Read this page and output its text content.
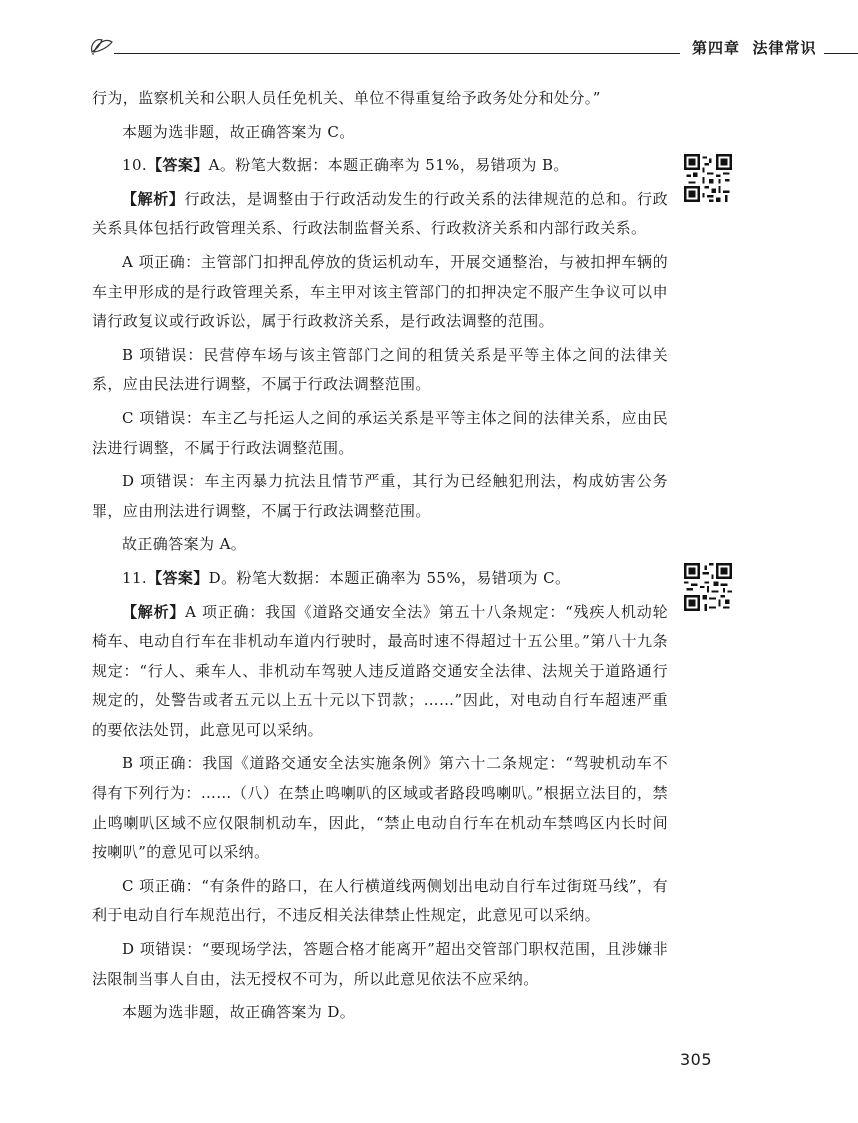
第四章 法律常识

行为，监察机关和公职人员任免机关、单位不得重复给予政务处分和处分。”

本题为选非题，故正确答案为 C。

10.【答案】A。粉笔大数据：本题正确率为 51%，易错项为 B。

【解析】行政法，是调整由于行政活动发生的行政关系的法律规范的总和。行政关系具体包括行政管理关系、行政法制监督关系、行政救济关系和内部行政关系。

A 项正确：主管部门扣押乱停放的货运机动车，开展交通整治，与被扣押车辆的车主甲形成的是行政管理关系，车主甲对该主管部门的扣押决定不服产生争议可以申请行政复议或行政诉讼，属于行政救济关系，是行政法调整的范围。

B 项错误：民营停车场与该主管部门之间的租赁关系是平等主体之间的法律关系，应由民法进行调整，不属于行政法调整范围。

C 项错误：车主乙与托运人之间的承运关系是平等主体之间的法律关系，应由民法进行调整，不属于行政法调整范围。

D 项错误：车主丙暴力抗法且情节严重，其行为已经触犯刑法，构成妨害公务罪，应由刑法进行调整，不属于行政法调整范围。

故正确答案为 A。

11.【答案】D。粉笔大数据：本题正确率为 55%，易错项为 C。

【解析】A 项正确：我国《道路交通安全法》第五十八条规定：“残疾人机动轮椅车、电动自行车在非机动车道内行驶时，最高时速不得超过十五公里。”第八十九条规定：“行人、乘车人、非机动车驾驶人违反道路交通安全法律、法规关于道路通行规定的，处警告或者五元以上五十元以下罚款；……”因此，对电动自行车超速严重的要依法处罚，此意见可以采纳。

B 项正确：我国《道路交通安全法实施条例》第六十二条规定：“驾驶机动车不得有下列行为：……（八）在禁止鸣喇叭的区域或者路段鸣喇叭。”根据立法目的，禁止鸣喇叭区域不应仅限制机动车，因此，“禁止电动自行车在机动车禁鸣区内长时间按喇叭”的意见可以采纳。

C 项正确：“有条件的路口，在人行横道线两侧划出电动自行车过街斑马线”，有利于电动自行车规范出行，不违反相关法律禁止性规定，此意见可以采纳。

D 项错误：“要现场学法，答题合格才能离开”超出交管部门职权范围，且涉嫌非法限制当事人自由，法无授权不可为，所以此意见依法不应采纳。

本题为选非题，故正确答案为 D。

305
